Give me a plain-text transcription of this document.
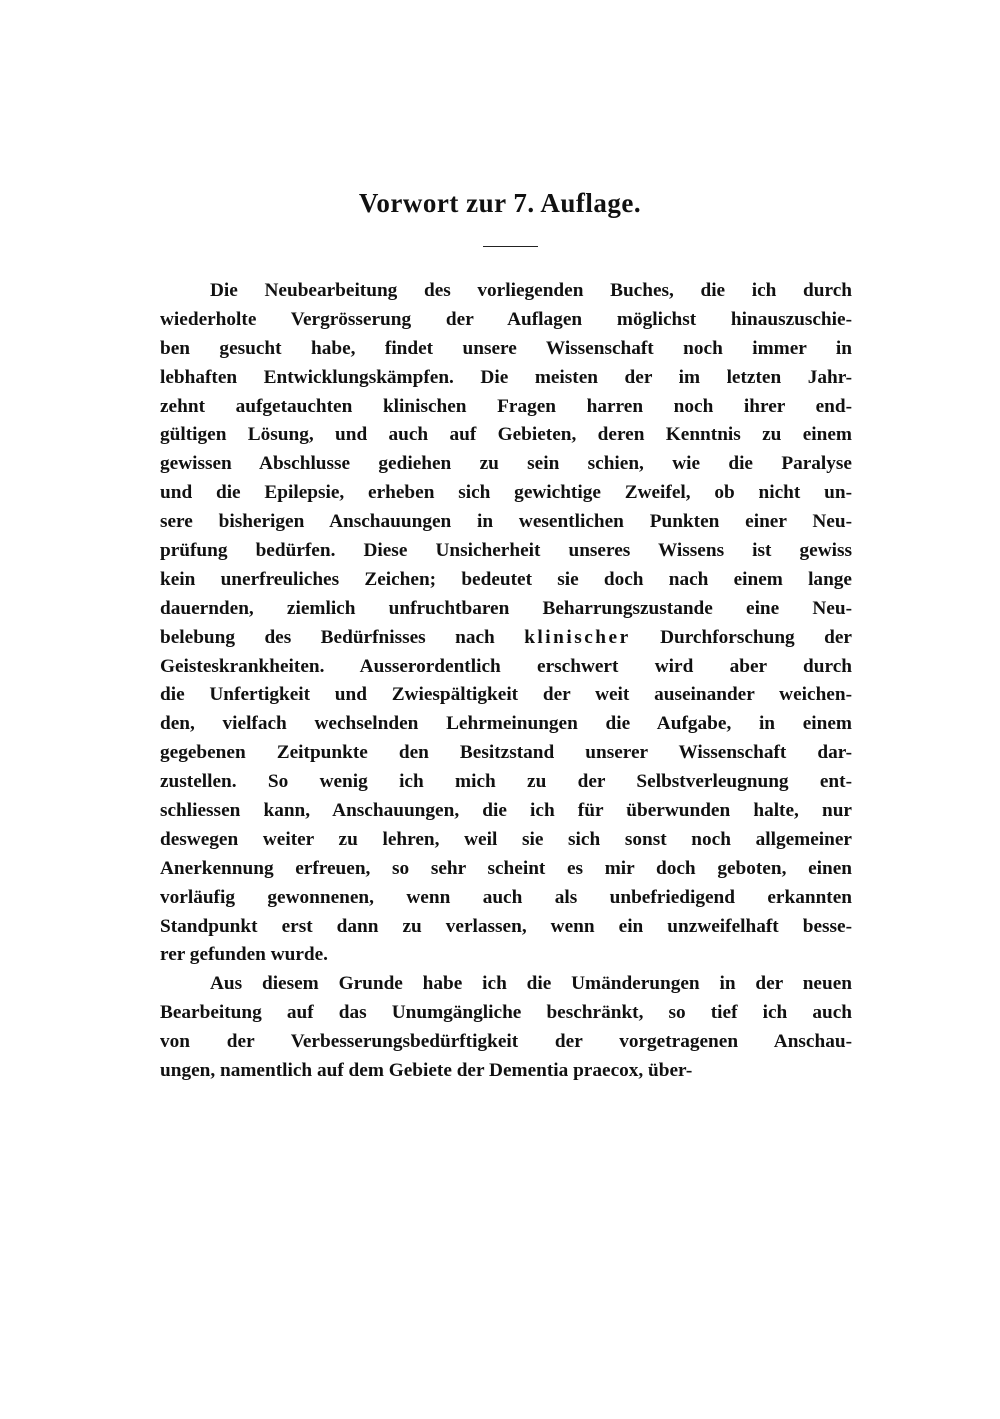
Vorwort zur 7. Auflage.
Die Neubearbeitung des vorliegenden Buches, die ich durch
wiederholte Vergrösserung der Auflagen möglichst hinauszuschie-
ben gesucht habe, findet unsere Wissenschaft noch immer in
lebhaften Entwicklungskämpfen. Die meisten der im letzten Jahr-
zehnt aufgetauchten klinischen Fragen harren noch ihrer end-
gültigen Lösung, und auch auf Gebieten, deren Kenntnis zu einem
gewissen Abschlusse gediehen zu sein schien, wie die Paralyse
und die Epilepsie, erheben sich gewichtige Zweifel, ob nicht un-
sere bisherigen Anschauungen in wesentlichen Punkten einer Neu-
prüfung bedürfen. Diese Unsicherheit unseres Wissens ist gewiss
kein unerfreuliches Zeichen; bedeutet sie doch nach einem lange
dauernden, ziemlich unfruchtbaren Beharrungszustande eine Neu-
belebung des Bedürfnisses nach klinischer Durchforschung der
Geisteskrankheiten. Ausserordentlich erschwert wird aber durch
die Unfertigkeit und Zwiespältigkeit der weit auseinander weichen-
den, vielfach wechselnden Lehrmeinungen die Aufgabe, in einem
gegebenen Zeitpunkte den Besitzstand unserer Wissenschaft dar-
zustellen. So wenig ich mich zu der Selbstverleugnung ent-
schliessen kann, Anschauungen, die ich für überwunden halte, nur
deswegen weiter zu lehren, weil sie sich sonst noch allgemeiner
Anerkennung erfreuen, so sehr scheint es mir doch geboten, einen
vorläufig gewonnenen, wenn auch als unbefriedigend erkannten
Standpunkt erst dann zu verlassen, wenn ein unzweifelhaft besse-
rer gefunden wurde.
Aus diesem Grunde habe ich die Umänderungen in der neuen
Bearbeitung auf das Unumgängliche beschränkt, so tief ich auch
von der Verbesserungsbedürftigkeit der vorgetragenen Anschau-
ungen, namentlich auf dem Gebiete der Dementia praecox, über-
